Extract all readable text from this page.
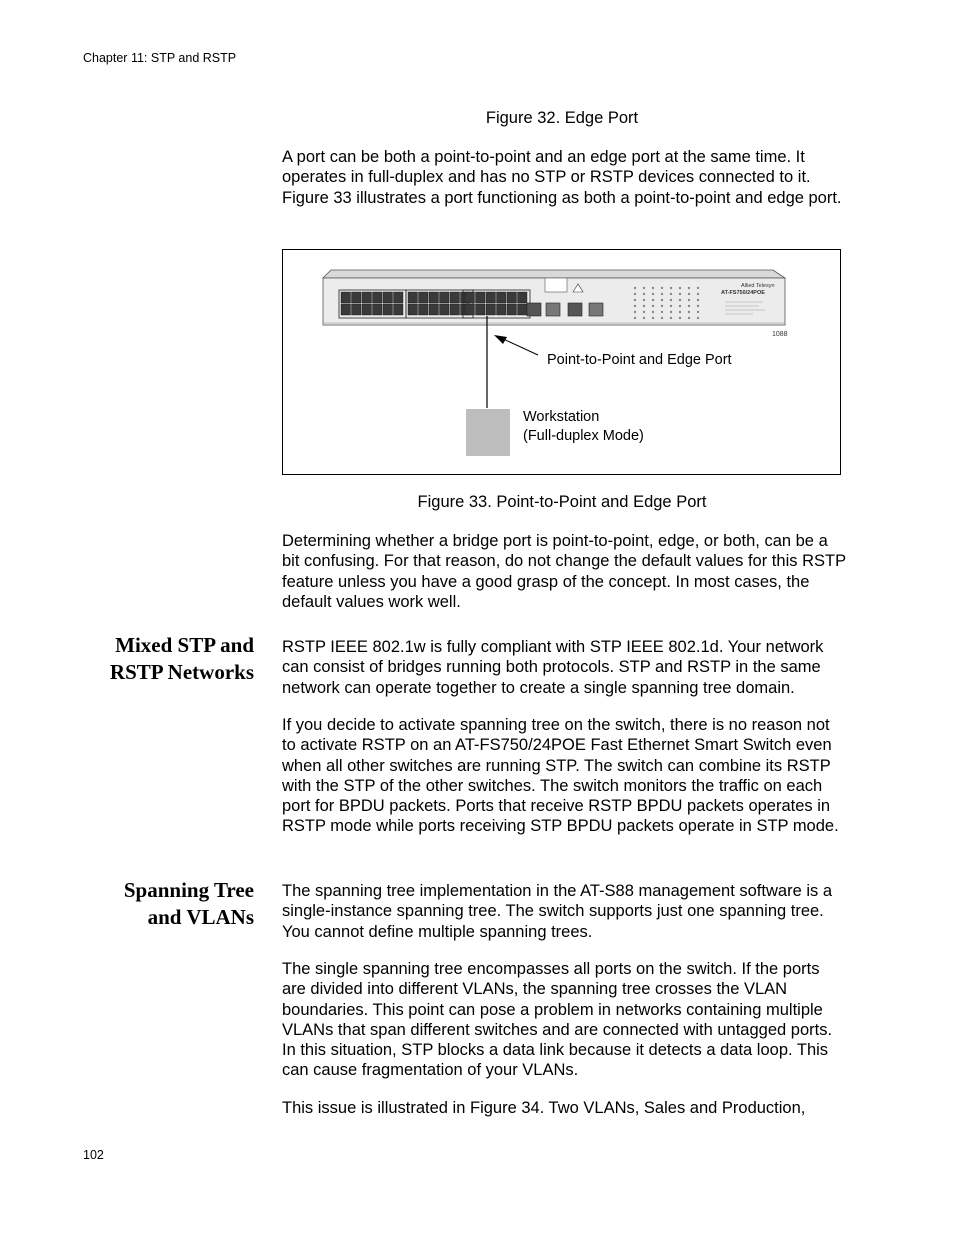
Chapter 11: STP and RSTP
Figure 32. Edge Port

A port can be both a point-to-point and an edge port at the same time. It operates in full-duplex and has no STP or RSTP devices connected to it. Figure 33 illustrates a port functioning as both a point-to-point and edge port.

Allied Telesyn
AT-FS750/24POE
1088
Point-to-Point and Edge Port
Workstation
(Full-duplex Mode)
Figure 33. Point-to-Point and Edge Port

Determining whether a bridge port is point-to-point, edge, or both, can be a bit confusing. For that reason, do not change the default values for this RSTP feature unless you have a good grasp of the concept. In most cases, the default values work well.

Mixed STP and
RSTP Networks

RSTP IEEE 802.1w is fully compliant with STP IEEE 802.1d. Your network can consist of bridges running both protocols. STP and RSTP in the same network can operate together to create a single spanning tree domain.

If you decide to activate spanning tree on the switch, there is no reason not to activate RSTP on an AT-FS750/24POE Fast Ethernet Smart Switch even when all other switches are running STP. The switch can combine its RSTP with the STP of the other switches. The switch monitors the traffic on each port for BPDU packets. Ports that receive RSTP BPDU packets operates in RSTP mode while ports receiving STP BPDU packets operate in STP mode.

Spanning Tree
and VLANs

The spanning tree implementation in the AT-S88 management software is a single-instance spanning tree. The switch supports just one spanning tree. You cannot define multiple spanning trees.

The single spanning tree encompasses all ports on the switch. If the ports are divided into different VLANs, the spanning tree crosses the VLAN boundaries. This point can pose a problem in networks containing multiple VLANs that span different switches and are connected with untagged ports. In this situation, STP blocks a data link because it detects a data loop. This can cause fragmentation of your VLANs.

This issue is illustrated in Figure 34. Two VLANs, Sales and Production,

102
